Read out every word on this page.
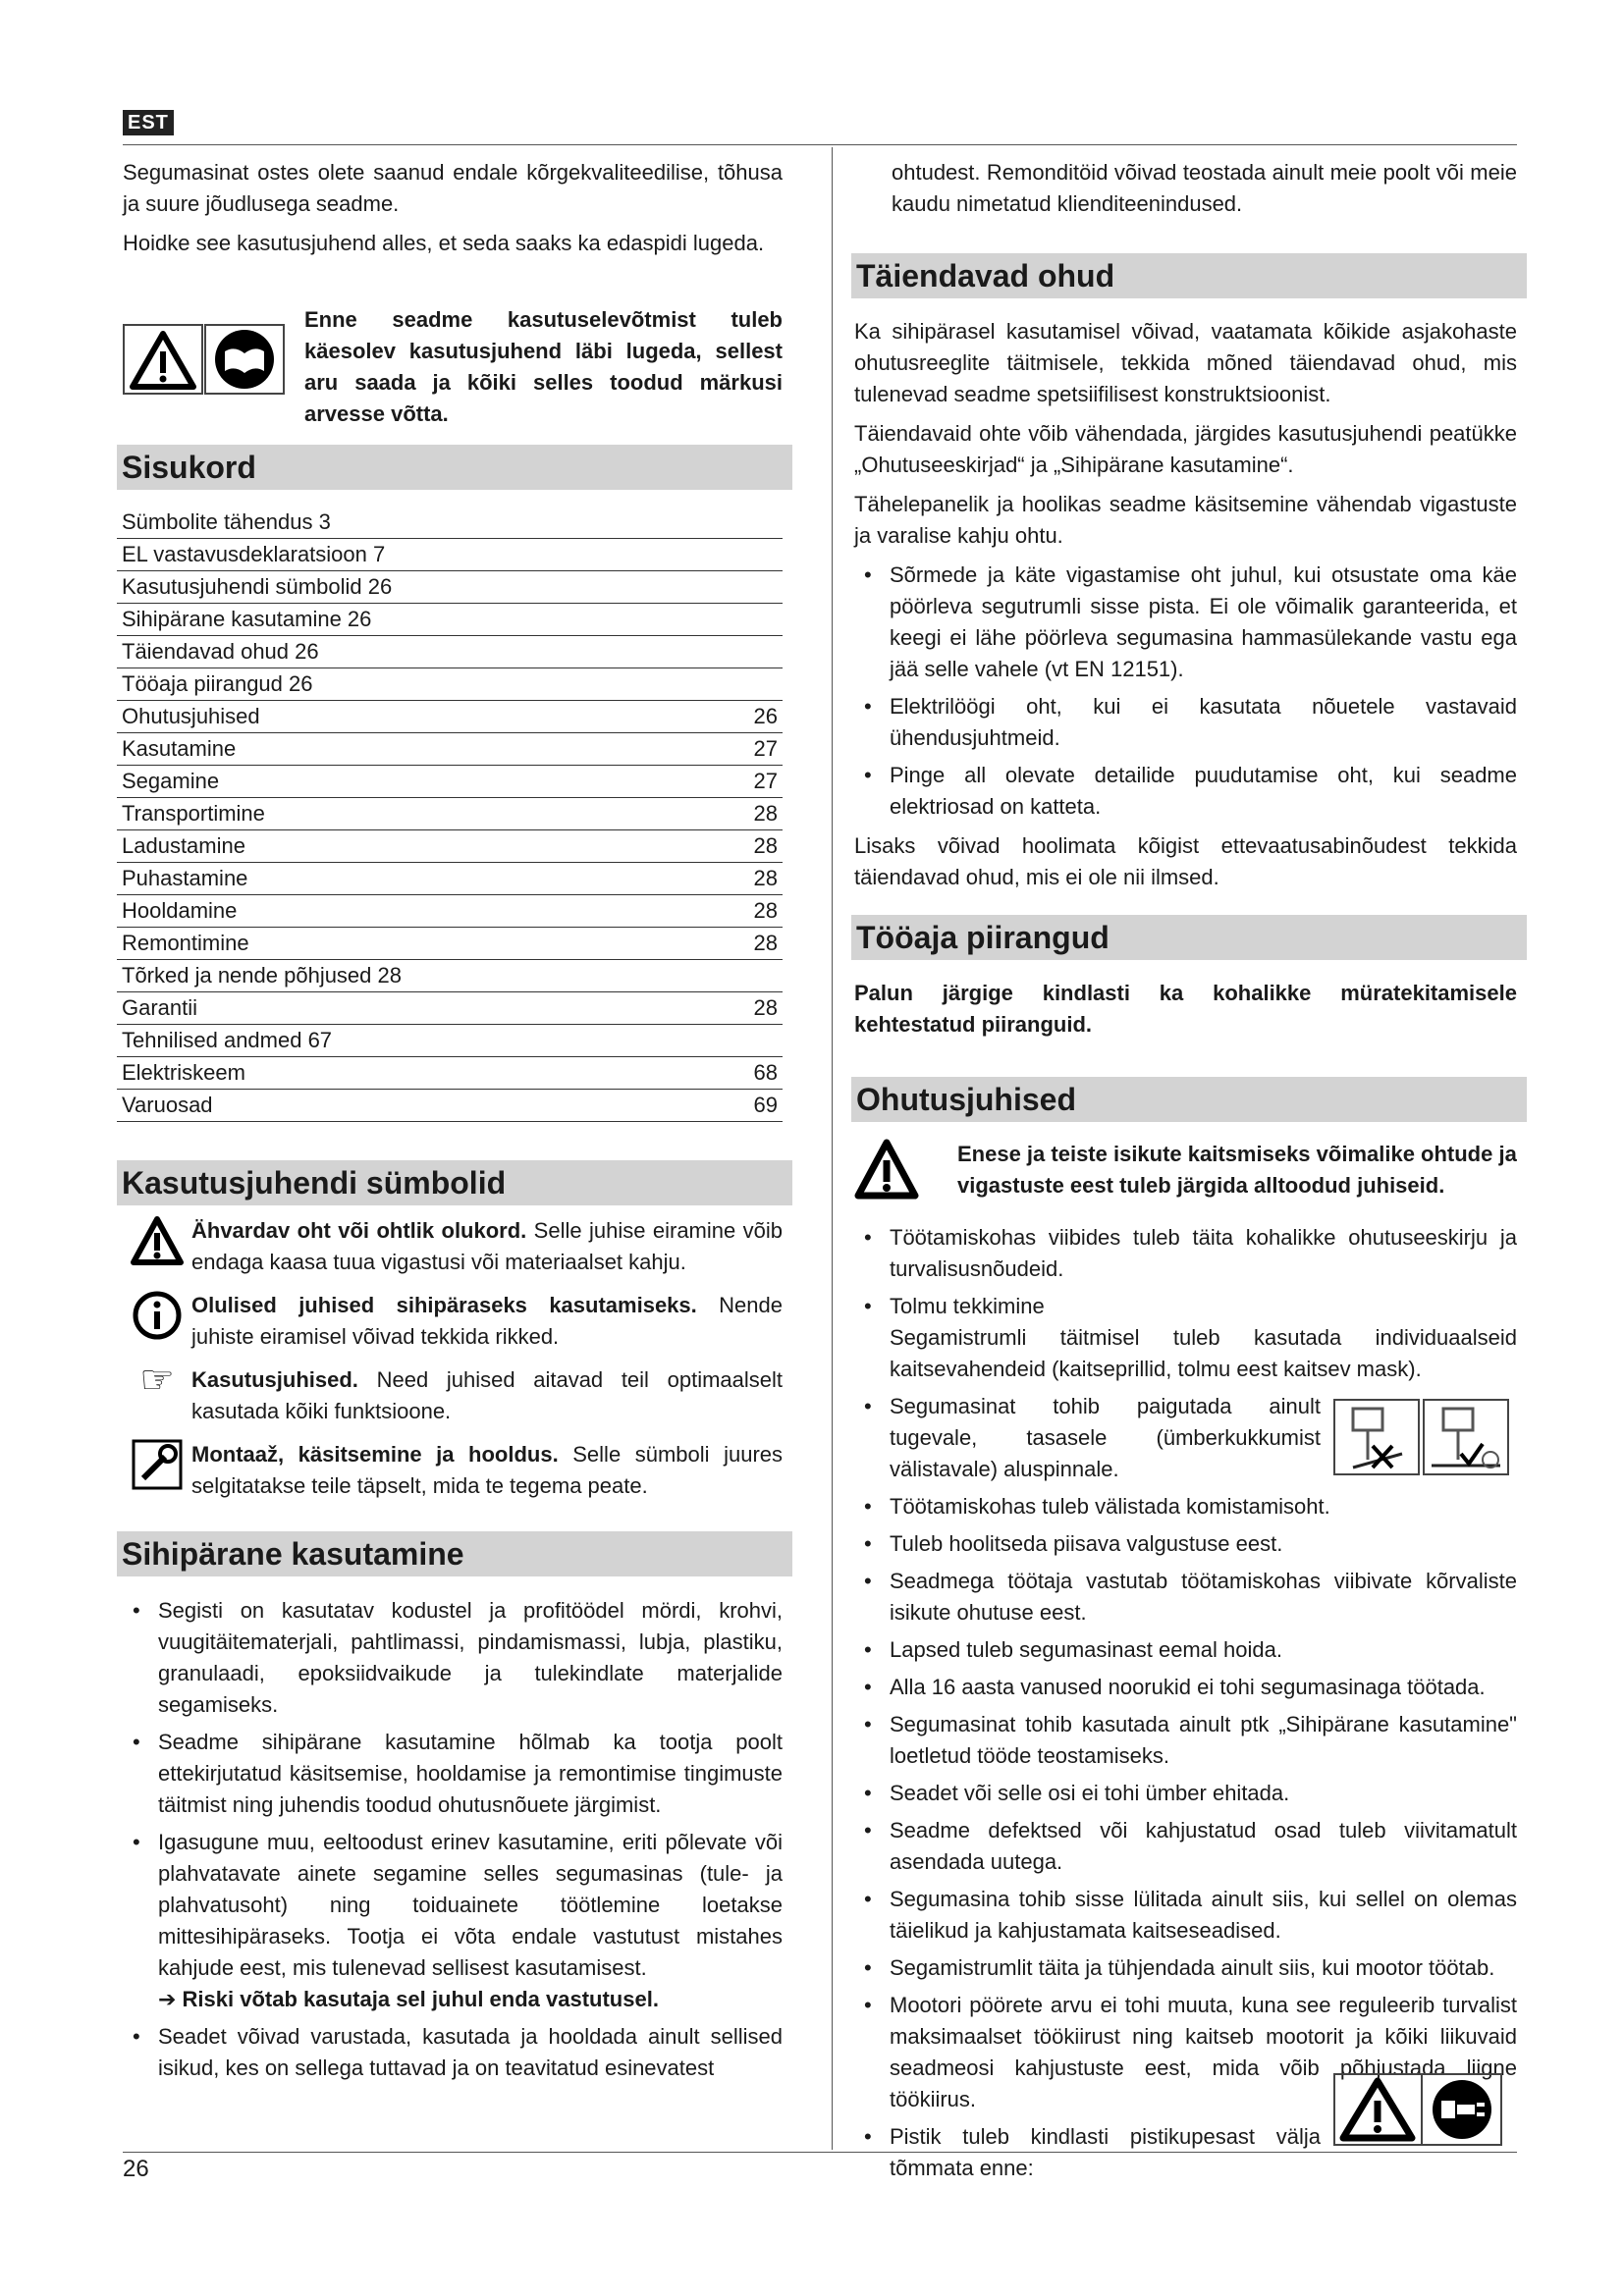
EST
26

Segumasinat ostes olete saanud endale kõrgekvaliteedilise, tõhusa ja suure jõudlusega seadme.

Hoidke see kasutusjuhend alles, et seda saaks ka edaspidi lugeda.

Enne seadme kasutuselevõtmist tuleb käesolev kasutusjuhend läbi lugeda, sellest aru saada ja kõiki selles toodud märkusi arvesse võtta.
Sisukord
Sümbolite tähendus 3
EL vastavusdeklaratsioon 7
Kasutusjuhendi sümbolid 26
Sihipärane kasutamine 26
Täiendavad ohud 26
Tööaja piirangud 26
Ohutusjuhised	26
Kasutamine	27
Segamine	27
Transportimine	28
Ladustamine	28
Puhastamine	28
Hooldamine	28
Remontimine	28
Tõrked ja nende põhjused 28
Garantii	28
Tehnilised andmed 67
Elektriskeem	68
Varuosad	69
Kasutusjuhendi sümbolid
Ähvardav oht või ohtlik olukord. Selle juhise eiramine võib endaga kaasa tuua vigastusi või materiaalset kahju.
Olulised juhised sihipäraseks kasutamiseks. Nende juhiste eiramisel võivad tekkida rikked.
☞ Kasutusjuhised. Need juhised aitavad teil optimaalselt kasutada kõiki funktsioone.
Montaaž, käsitsemine ja hooldus. Selle sümboli juures selgitatakse teile täpselt, mida te tegema peate.
Sihipärane kasutamine
• Segisti on kasutatav kodustel ja profitöödel mördi, krohvi, vuugitäitematerjali, pahtlimassi, pindamismassi, lubja, plastiku, granulaadi, epoksiidvaikude ja tulekindlate materjalide segamiseks.
• Seadme sihipärane kasutamine hõlmab ka tootja poolt ettekirjutatud käsitsemise, hooldamise ja remontimise tingimuste täitmist ning juhendis toodud ohutusnõuete järgimist.
• Igasugune muu, eeltoodust erinev kasutamine, eriti põlevate või plahvatavate ainete segamine selles segumasinas (tule- ja plahvatusoht) ning toiduainete töötlemine loetakse mittesihipäraseks. Tootja ei võta endale vastutust mistahes kahjude eest, mis tulenevad sellisest kasutamisest.
➔ Riski võtab kasutaja sel juhul enda vastutusel.
• Seadet võivad varustada, kasutada ja hooldada ainult sellised isikud, kes on sellega tuttavad ja on teavitatud esinevatest
ohtudest. Remonditöid võivad teostada ainult meie poolt või meie kaudu nimetatud klienditeenindused.
Täiendavad ohud

Ka sihipärasel kasutamisel võivad, vaatamata kõikide asjakohaste ohutusreeglite täitmisele, tekkida mõned täiendavad ohud, mis tulenevad seadme spetsiifilisest konstruktsioonist.

Täiendavaid ohte võib vähendada, järgides kasutusjuhendi peatükke „Ohutuseeskirjad“ ja „Sihipärane kasutamine“.

Tähelepanelik ja hoolikas seadme käsitsemine vähendab vigastuste ja varalise kahju ohtu.

• Sõrmede ja käte vigastamise oht juhul, kui otsustate oma käe pöörleva segutrumli sisse pista. Ei ole võimalik garanteerida, et keegi ei lähe pöörleva segumasina hammasülekande vastu ega jää selle vahele (vt EN 12151).
• Elektrilöögi oht, kui ei kasutata nõuetele vastavaid ühendusjuhtmeid.
• Pinge all olevate detailide puudutamise oht, kui seadme elektriosad on katteta.

Lisaks võivad hoolimata kõigist ettevaatusabinõudest tekkida täiendavad ohud, mis ei ole nii ilmsed.

Tööaja piirangud
Palun järgige kindlasti ka kohalikke müratekitamisele kehtestatud piiranguid.
Ohutusjuhised
Enese ja teiste isikute kaitsmiseks võimalike ohtude ja vigastuste eest tuleb järgida alltoodud juhiseid.
• Töötamiskohas viibides tuleb täita kohalikke ohutuseeskirju ja turvalisusnõudeid.
• Tolmu tekkimine
Segamistrumli täitmisel tuleb kasutada individuaalseid kaitsevahendeid (kaitseprillid, tolmu eest kaitsev mask).
• Segumasinat tohib paigutada ainult tugevale, tasasele (ümberkukkumist välistavale) aluspinnale.
• Töötamiskohas tuleb välistada komistamisoht.
• Tuleb hoolitseda piisava valgustuse eest.
• Seadmega töötaja vastutab töötamiskohas viibivate kõrvaliste isikute ohutuse eest.
• Lapsed tuleb segumasinast eemal hoida.
• Alla 16 aasta vanused noorukid ei tohi segumasinaga töötada.
• Segumasinat tohib kasutada ainult ptk „Sihipärane kasutamine" loetletud tööde teostamiseks.
• Seadet või selle osi ei tohi ümber ehitada.
• Seadme defektsed või kahjustatud osad tuleb viivitamatult asendada uutega.
• Segumasina tohib sisse lülitada ainult siis, kui sellel on olemas täielikud ja kahjustamata kaitseseadised.
• Segamistrumlit täita ja tühjendada ainult siis, kui mootor töötab.
• Mootori pöörete arvu ei tohi muuta, kuna see reguleerib turvalist maksimaalset töökiirust ning kaitseb mootorit ja kõiki liikuvaid seadmeosi kahjustuste eest, mida võib põhjustada liigne töökiirus.
• Pistik tuleb kindlasti pistikupesast välja tõmmata enne:
